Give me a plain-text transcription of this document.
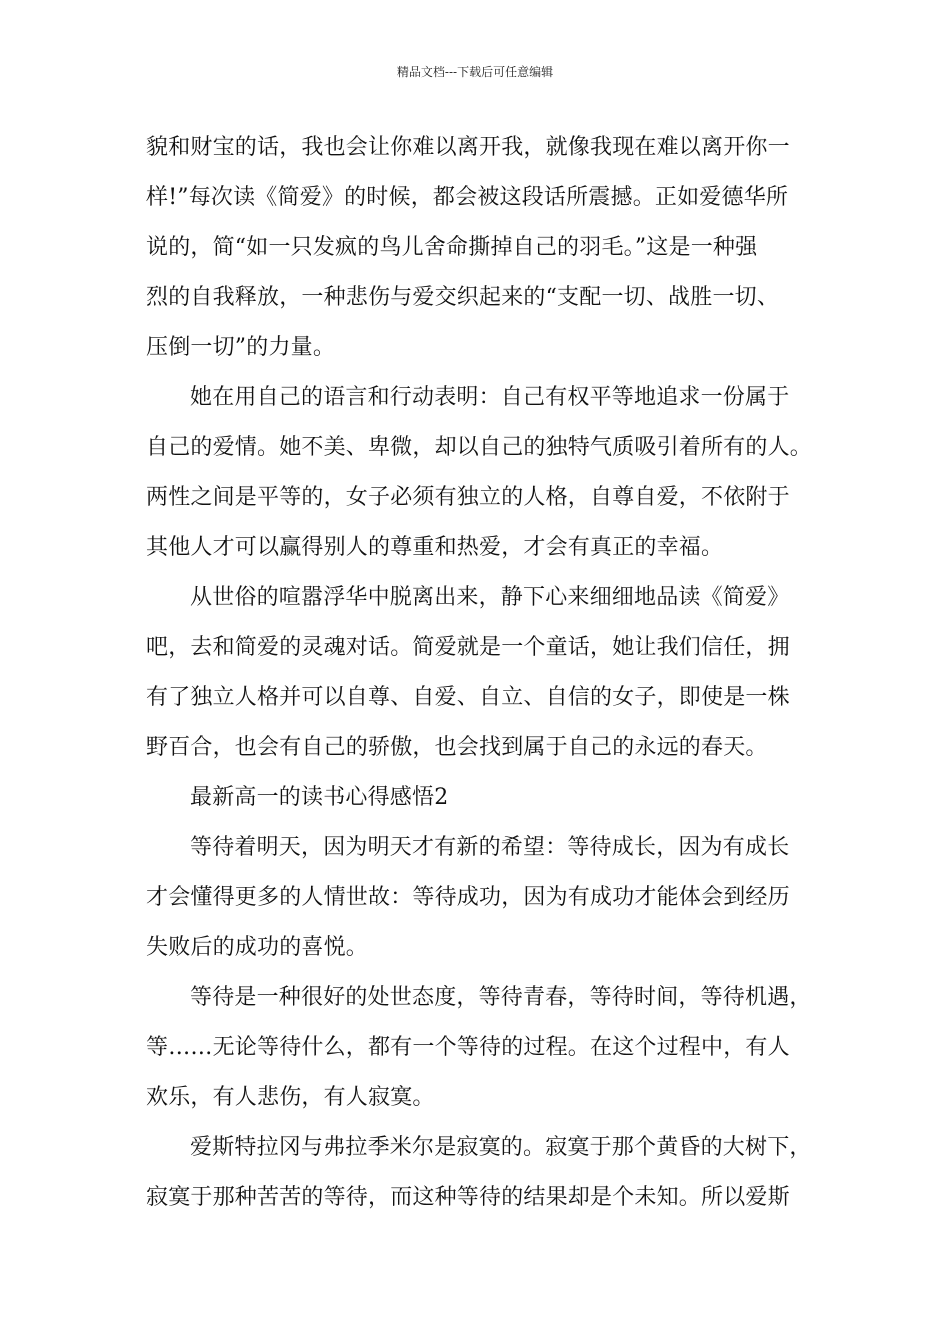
精品文档---下载后可任意编辑
貌和财宝的话，我也会让你难以离开我，就像我现在难以离开你一
样!”每次读《简爱》的时候，都会被这段话所震撼。正如爱德华所
说的，简“如一只发疯的鸟儿舍命撕掉自己的羽毛。”这是一种强
烈的自我释放，一种悲伤与爱交织起来的“支配一切、战胜一切、
压倒一切”的力量。
她在用自己的语言和行动表明：自己有权平等地追求一份属于
自己的爱情。她不美、卑微，却以自己的独特气质吸引着所有的人。
两性之间是平等的，女子必须有独立的人格，自尊自爱，不依附于
其他人才可以赢得别人的尊重和热爱，才会有真正的幸福。
从世俗的喧嚣浮华中脱离出来，静下心来细细地品读《简爱》
吧，去和简爱的灵魂对话。简爱就是一个童话，她让我们信任，拥
有了独立人格并可以自尊、自爱、自立、自信的女子，即使是一株
野百合，也会有自己的骄傲，也会找到属于自己的永远的春天。
最新高一的读书心得感悟2
等待着明天，因为明天才有新的希望：等待成长，因为有成长
才会懂得更多的人情世故：等待成功，因为有成功才能体会到经历
失败后的成功的喜悦。
等待是一种很好的处世态度，等待青春，等待时间，等待机遇，
等……无论等待什么，都有一个等待的过程。在这个过程中，有人
欢乐，有人悲伤，有人寂寞。
爱斯特拉冈与弗拉季米尔是寂寞的。寂寞于那个黄昏的大树下，
寂寞于那种苦苦的等待，而这种等待的结果却是个未知。所以爱斯
